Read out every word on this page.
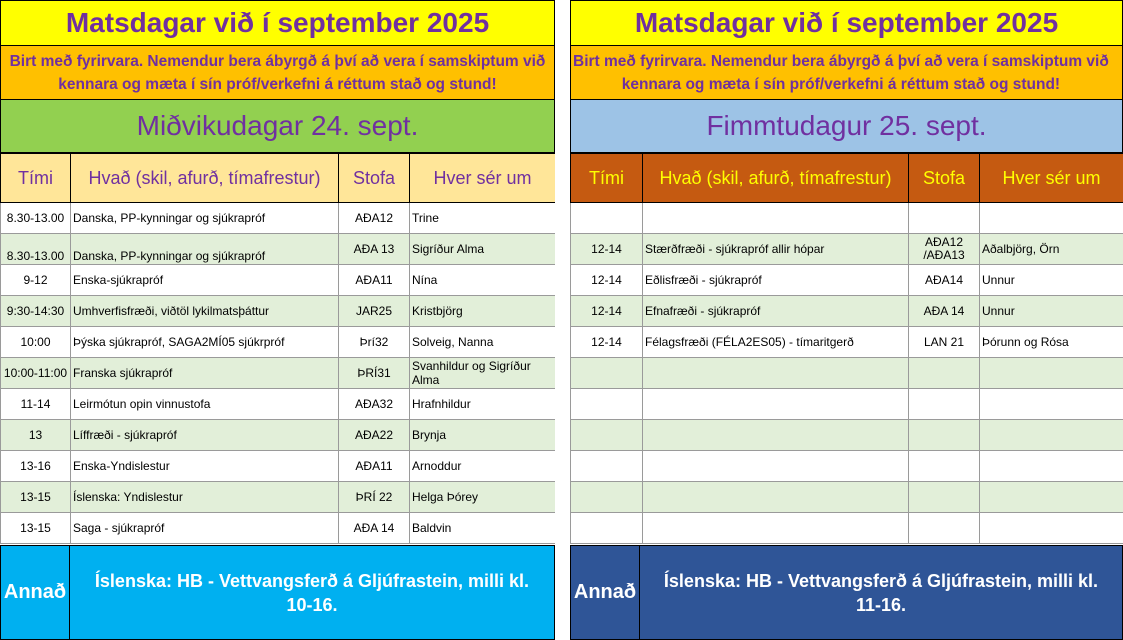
Matsdagar við í september 2025
Birt með fyrirvara. Nemendur bera ábyrgð á því að vera í samskiptum við
kennara og mæta í sín próf/verkefni á réttum stað og stund!
Miðvikudagar 24. sept.
Tími	Hvað (skil, afurð, tímafrestur)	Stofa	Hver sér um
8.30-13.00	Danska, PP-kynningar og sjúkrapróf	AÐA12	Trine
8.30-13.00	Danska, PP-kynningar og sjúkrapróf	AÐA 13	Sigríður Alma
9-12	Enska-sjúkrapróf	AÐA11	Nína
9:30-14:30	Umhverfisfræði, viðtöl lykilmatsþáttur	JAR25	Kristbjörg
10:00	Þýska sjúkrapróf, SAGA2MÍ05 sjúkrpróf	Þrí32	Solveig, Nanna
10:00-11:00	Franska sjúkrapróf	ÞRÍ31	Svanhildur og Sigríður Alma
11-14	Leirmótun opin vinnustofa	AÐA32	Hrafnhildur
13	Líffræði - sjúkrapróf	AÐA22	Brynja
13-16	Enska-Yndislestur	AÐA11	Arnoddur
13-15	Íslenska: Yndislestur	ÞRÍ 22	Helga Þórey
13-15	Saga - sjúkrapróf	AÐA 14	Baldvin
Annað
Íslenska: HB - Vettvangsferð á Gljúfrastein, milli kl.
10-16.
Matsdagar við í september 2025
Birt með fyrirvara. Nemendur bera ábyrgð á því að vera í samskiptum við
kennara og mæta í sín próf/verkefni á réttum stað og stund!
Fimmtudagur 25. sept.
Tími	Hvað (skil, afurð, tímafrestur)	Stofa	Hver sér um

12-14	Stærðfræði - sjúkrapróf allir hópar	AÐA12 /AÐA13	Aðalbjörg, Örn
12-14	Eðlisfræði - sjúkrapróf	AÐA14	Unnur
12-14	Efnafræði - sjúkrapróf	AÐA 14	Unnur
12-14	Félagsfræði (FÉLA2ES05) - tímaritgerð	LAN 21	Þórunn og Rósa

Annað
Íslenska: HB - Vettvangsferð á Gljúfrastein, milli kl.
11-16.
